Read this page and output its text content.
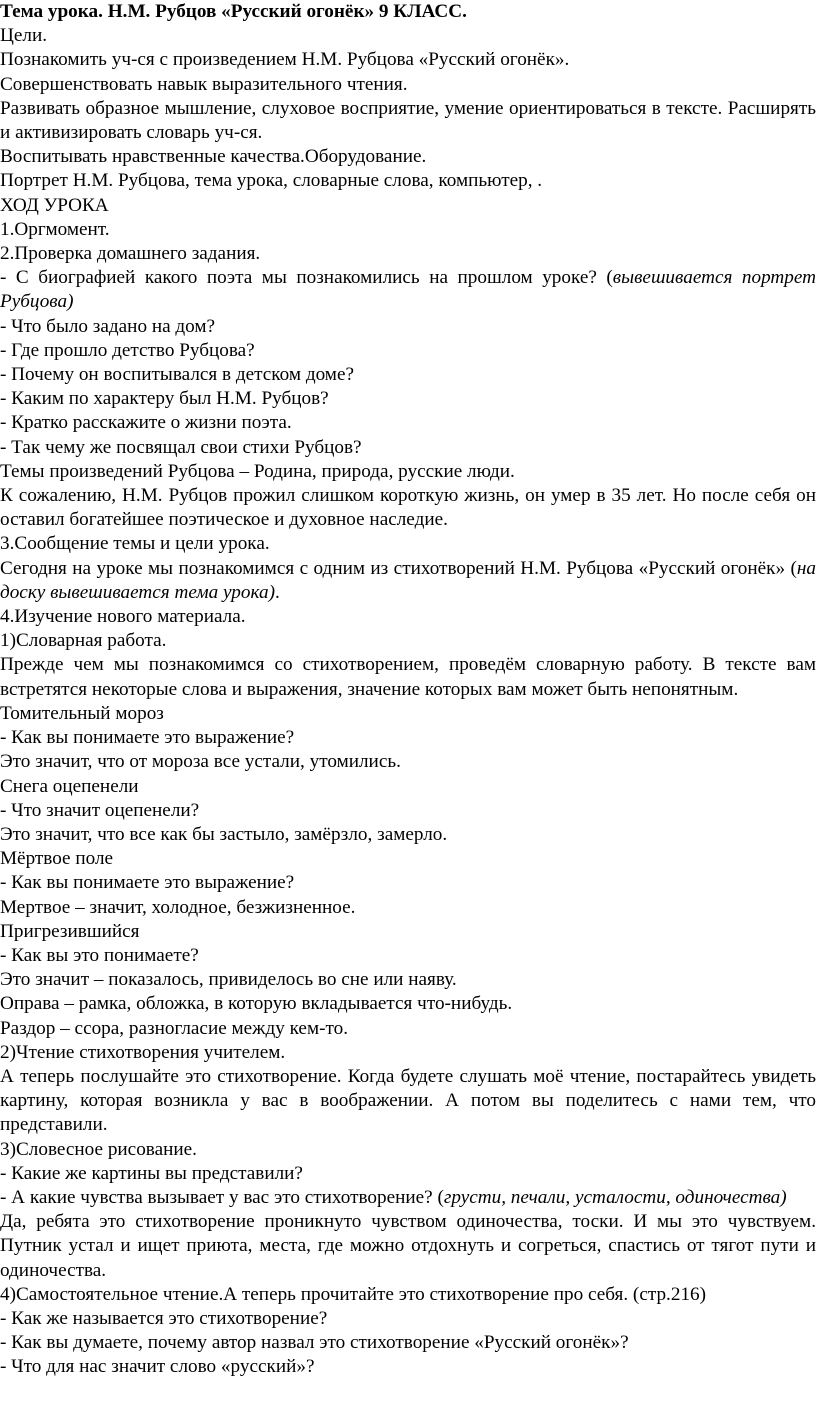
Тема урока. Н.М. Рубцов «Русский огонёк» 9 КЛАСС.

Цели.

Познакомить уч-ся с произведением Н.М. Рубцова «Русский огонёк».

Совершенствовать навык выразительного чтения.

Развивать образное мышление, слуховое восприятие, умение ориентироваться в тексте. Расширять и активизировать словарь уч-ся.

Воспитывать нравственные качества.Оборудование.

Портрет Н.М. Рубцова, тема урока, словарные слова, компьютер, .

ХОД УРОКА

1.Оргмомент.

2.Проверка домашнего задания.

- С биографией какого поэта мы познакомились на прошлом уроке? (вывешивается портрет Рубцова)

- Что было задано на дом?

- Где прошло детство Рубцова?

- Почему он воспитывался в детском доме?

- Каким по характеру был Н.М. Рубцов?

- Кратко расскажите о жизни поэта.

- Так чему же посвящал свои стихи Рубцов?

Темы произведений Рубцова – Родина, природа, русские люди.

К сожалению, Н.М. Рубцов прожил слишком короткую жизнь, он умер в 35 лет. Но после себя он оставил богатейшее поэтическое и духовное наследие.

3.Сообщение темы и цели урока.

Сегодня на уроке мы познакомимся с одним из стихотворений Н.М. Рубцова «Русский огонёк» (на доску вывешивается тема урока).

4.Изучение нового материала.

1)Словарная работа.

Прежде чем мы познакомимся со стихотворением, проведём словарную работу. В тексте вам встретятся некоторые слова и выражения, значение которых вам может быть непонятным.

Томительный мороз

- Как вы понимаете это выражение?

Это значит, что от мороза все устали, утомились.

Снега оцепенели

- Что значит оцепенели?

Это значит, что все как бы застыло, замёрзло, замерло.

Мёртвое поле

- Как вы понимаете это выражение?

Мертвое – значит, холодное, безжизненное.

Пригрезившийся

- Как вы это понимаете?

Это значит – показалось, привиделось во сне или наяву.

Оправа – рамка, обложка, в которую вкладывается что-нибудь.

Раздор – ссора, разногласие между кем-то.

2)Чтение стихотворения учителем.

А теперь послушайте это стихотворение. Когда будете слушать моё чтение, постарайтесь увидеть картину, которая возникла у вас в воображении. А потом вы поделитесь с нами тем, что представили.

3)Словесное рисование.

- Какие же картины вы представили?

- А какие чувства вызывает у вас это стихотворение? (грусти, печали, усталости, одиночества)

Да, ребята это стихотворение проникнуто чувством одиночества, тоски. И мы это чувствуем. Путник устал и ищет приюта, места, где можно отдохнуть и согреться, спастись от тягот пути и одиночества.

4)Самостоятельное чтение.А теперь прочитайте это стихотворение про себя. (стр.216)

- Как же называется это стихотворение?

- Как вы думаете, почему автор назвал это стихотворение «Русский огонёк»?

- Что для нас значит слово «русский»?
